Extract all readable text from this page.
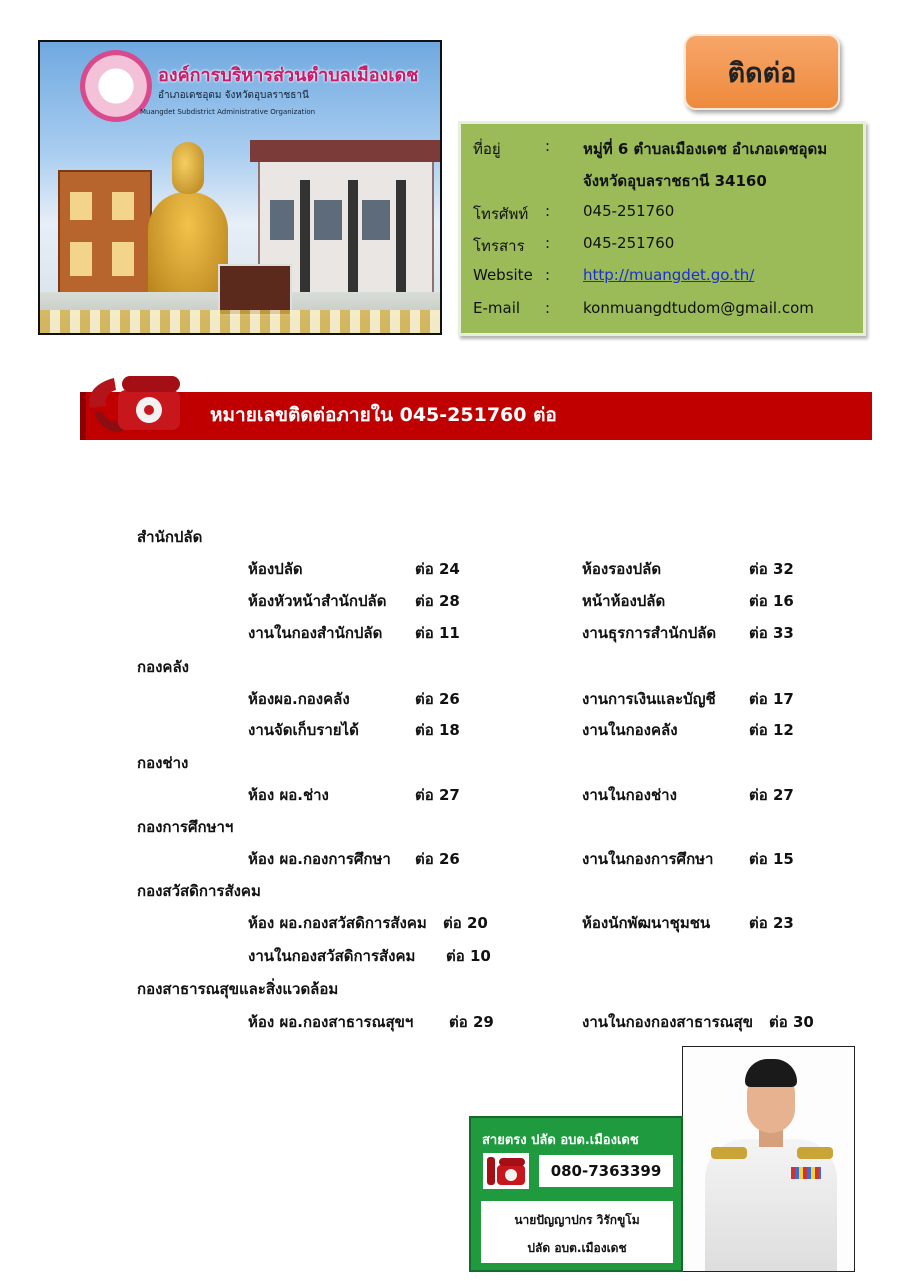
องค์การบริหารส่วนตำบลเมืองเดช
อำเภอเดชอุดม จังหวัดอุบลราชธานี
Muangdet Subdistrict Administrative Organization
ติดต่อ
ที่อยู่	: หมู่ที่ 6 ตำบลเมืองเดช อำเภอเดชอุดม
จังหวัดอุบลราชธานี 34160
โทรศัพท์ : 045-251760
โทรสาร : 045-251760
Website : http://muangdet.go.th/
E-mail : konmuangdtudom@gmail.com
หมายเลขติดต่อภายใน 045-251760 ต่อ
สำนักปลัด
ห้องปลัด	ต่อ 24	ห้องรองปลัด	ต่อ 32
ห้องหัวหน้าสำนักปลัด ต่อ 28	หน้าห้องปลัด	ต่อ 16
งานในกองสำนักปลัด ต่อ 11	งานธุรการสำนักปลัด ต่อ 33
กองคลัง
ห้องผอ.กองคลัง	ต่อ 26	งานการเงินและบัญชี ต่อ 17
งานจัดเก็บรายได้	ต่อ 18	งานในกองคลัง	ต่อ 12
กองช่าง
ห้อง ผอ.ช่าง	ต่อ 27	งานในกองช่าง	ต่อ 27
กองการศึกษาฯ
ห้อง ผอ.กองการศึกษา ต่อ 26	งานในกองการศึกษา ต่อ 15
กองสวัสดิการสังคม
ห้อง ผอ.กองสวัสดิการสังคม ต่อ 20	ห้องนักพัฒนาชุมชน	ต่อ 23
งานในกองสวัสดิการสังคม ต่อ 10
กองสาธารณสุขและสิ่งแวดล้อม
ห้อง ผอ.กองสาธารณสุขฯ ต่อ 29	งานในกองกองสาธารณสุข ต่อ 30
สายตรง ปลัด อบต.เมืองเดช
080-7363399
นายปัญญาปกร วิรักขูโม
ปลัด อบต.เมืองเดช
